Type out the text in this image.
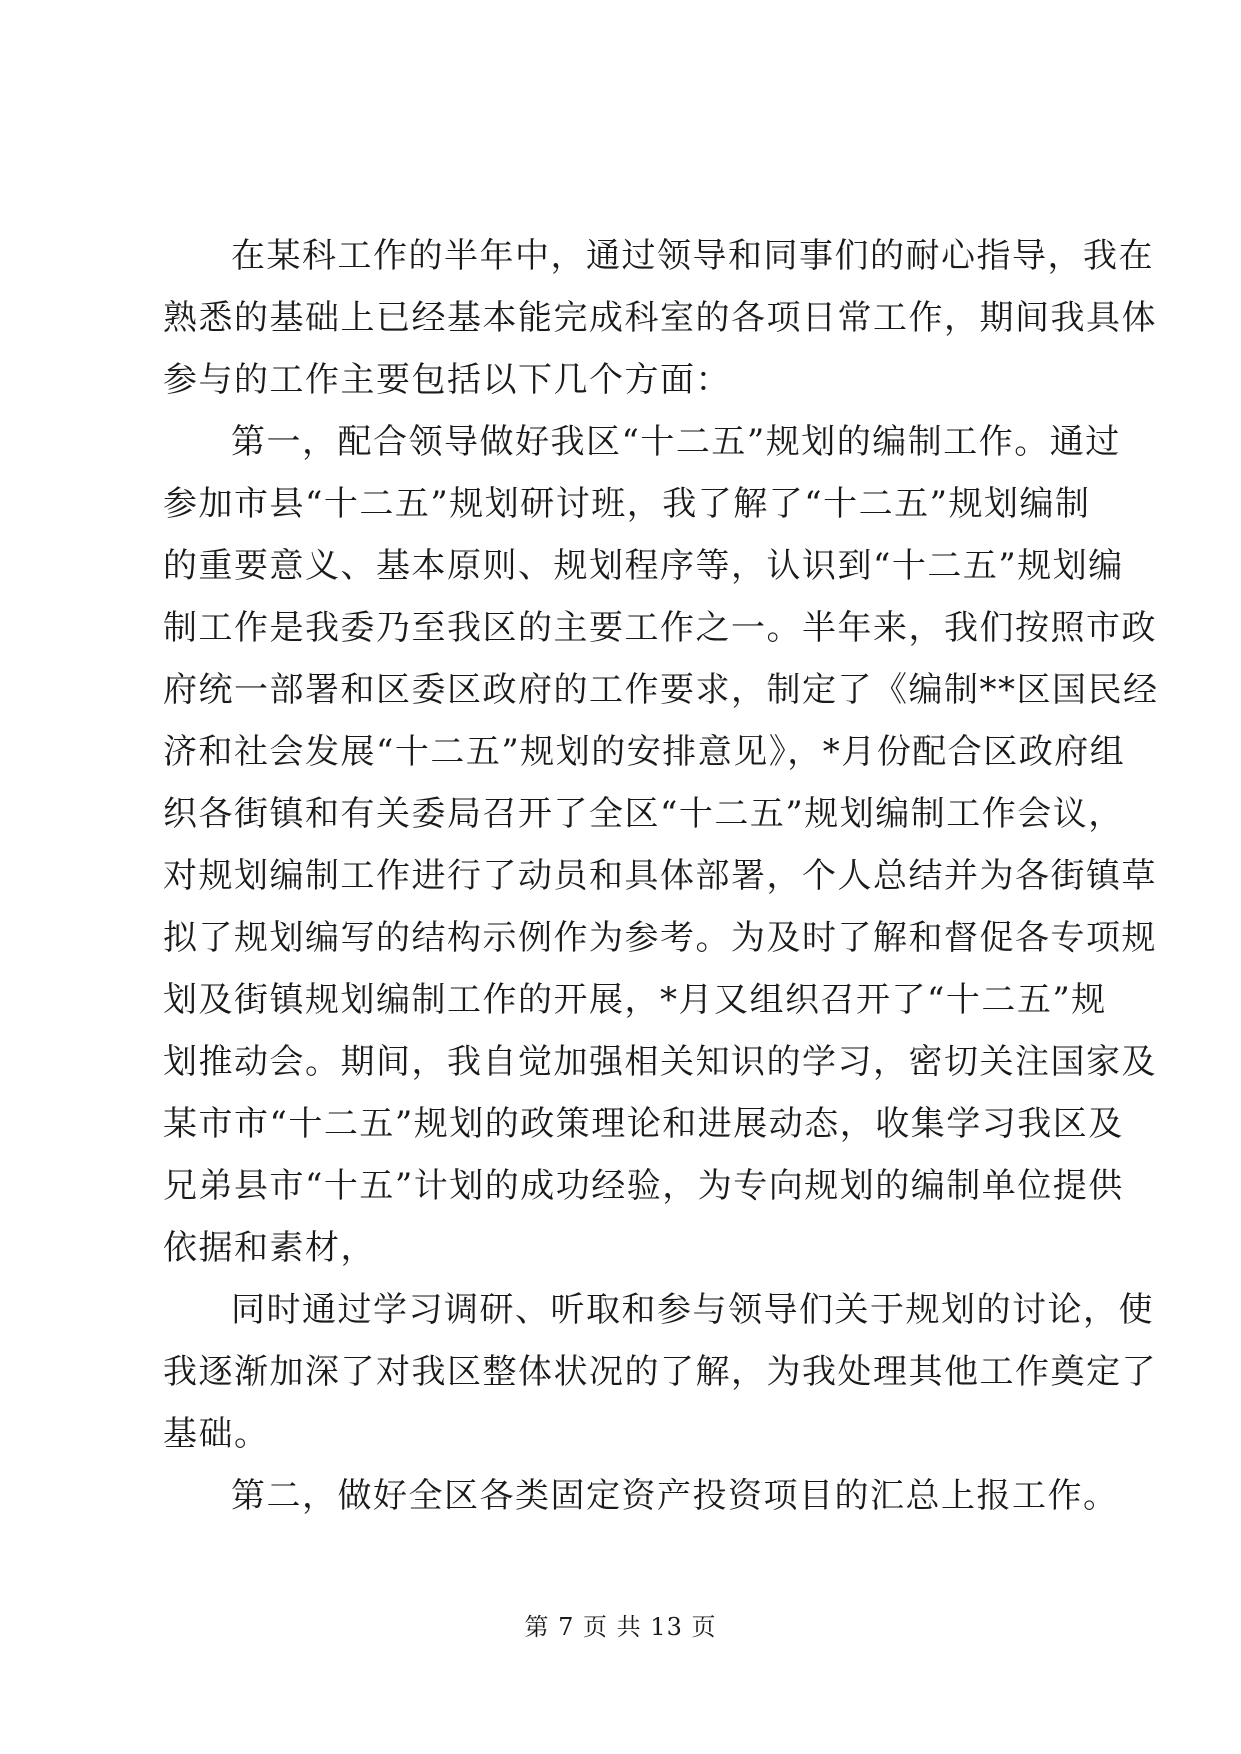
在某科工作的半年中，通过领导和同事们的耐心指导，我在
熟悉的基础上已经基本能完成科室的各项日常工作，期间我具体
参与的工作主要包括以下几个方面：
第一，配合领导做好我区“十二五”规划的编制工作。通过
参加市县“十二五”规划研讨班，我了解了“十二五”规划编制
的重要意义、基本原则、规划程序等，认识到“十二五”规划编
制工作是我委乃至我区的主要工作之一。半年来，我们按照市政
府统一部署和区委区政府的工作要求，制定了《编制**区国民经
济和社会发展“十二五”规划的安排意见》，*月份配合区政府组
织各街镇和有关委局召开了全区“十二五”规划编制工作会议，
对规划编制工作进行了动员和具体部署，个人总结并为各街镇草
拟了规划编写的结构示例作为参考。为及时了解和督促各专项规
划及街镇规划编制工作的开展，*月又组织召开了“十二五”规
划推动会。期间，我自觉加强相关知识的学习，密切关注国家及
某市市“十二五”规划的政策理论和进展动态，收集学习我区及
兄弟县市“十五”计划的成功经验，为专向规划的编制单位提供
依据和素材，
同时通过学习调研、听取和参与领导们关于规划的讨论，使
我逐渐加深了对我区整体状况的了解，为我处理其他工作奠定了
基础。
第二，做好全区各类固定资产投资项目的汇总上报工作。
第 7 页 共 13 页
